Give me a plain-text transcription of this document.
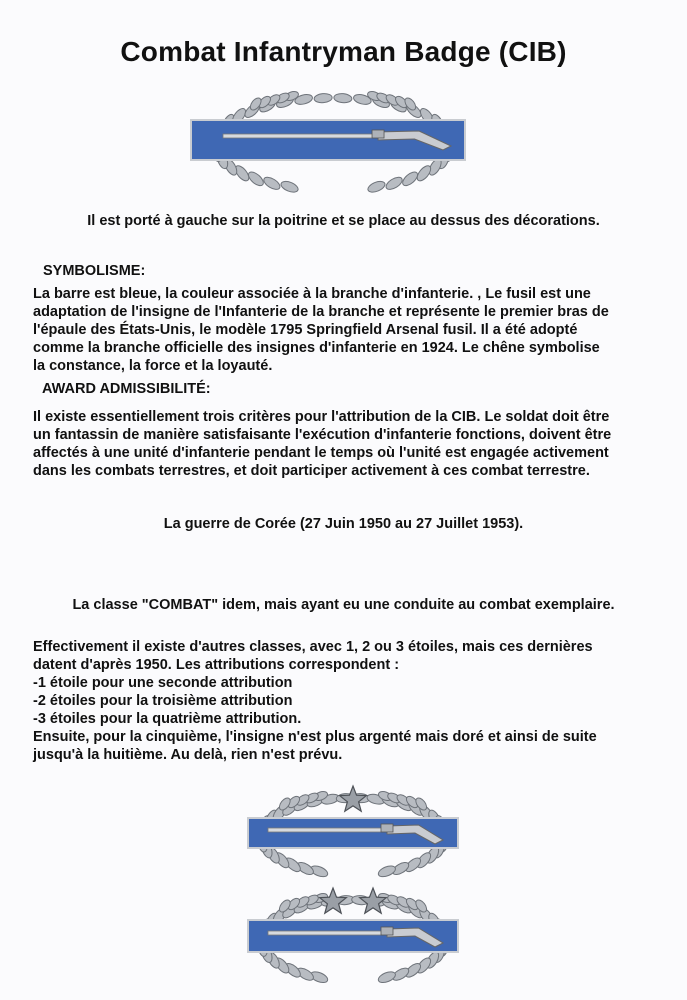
Combat Infantryman Badge (CIB)
Il est porté à gauche sur la poitrine et se place au dessus des décorations.
SYMBOLISME:
La barre est bleue, la couleur associée à la branche d'infanterie. , Le fusil est une
adaptation de l'insigne de l'Infanterie de la branche et représente le premier bras de
l'épaule des États-Unis, le modèle 1795 Springfield Arsenal fusil. Il a été adopté
comme la branche officielle des insignes d'infanterie en 1924. Le chêne symbolise
la constance, la force et la loyauté.
AWARD ADMISSIBILITÉ:
Il existe essentiellement trois critères pour l'attribution de la CIB. Le soldat doit être
un fantassin de manière satisfaisante l'exécution d'infanterie fonctions, doivent être
affectés à une unité d'infanterie pendant le temps où l'unité est engagée activement
dans les combats terrestres, et doit participer activement à ces combat terrestre.
La guerre de Corée (27 Juin 1950 au 27 Juillet 1953).
La classe "COMBAT" idem, mais ayant eu une conduite au combat exemplaire.
Effectivement il existe d'autres classes, avec 1, 2 ou 3 étoiles, mais ces dernières
datent d'après 1950. Les attributions correspondent :
-1 étoile pour une seconde attribution
-2 étoiles pour la troisième attribution
-3 étoiles pour la quatrième attribution.
Ensuite, pour la cinquième, l'insigne n'est plus argenté mais doré et ainsi de suite
jusqu'à la huitième. Au delà, rien n'est prévu.
